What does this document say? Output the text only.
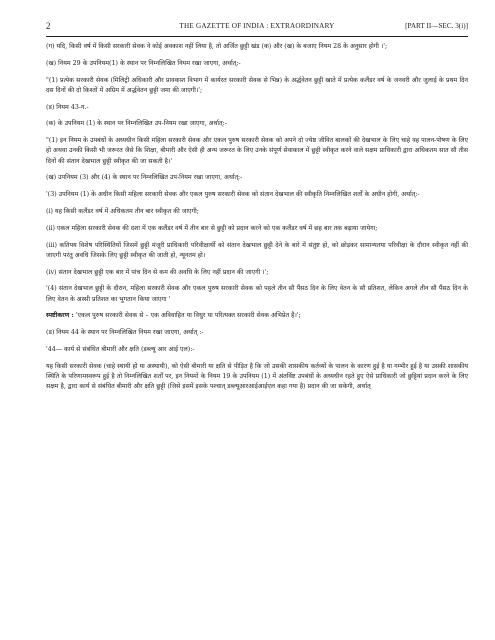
2	THE GAZETTE OF INDIA : EXTRAORDINARY	[PART II—SEC. 3(i)]

(ग) यदि, किसी वर्ष में किसी सरकारी सेवक ने कोई अवकाश नहीं लिया है, तो अर्जित छुट्टी खंड (क) और (ख) के बजाए नियम 28 के अनुसार होगी ।';

(ख) नियम 29 के उपनियम(1) के स्थान पर निम्नलिखित नियम रखा जाएगा, अर्थात्:-

"(1) प्रत्येक सरकारी सेवक (मिलिट्री अधिकारी और प्रावकाश विभाग में कार्यरत सरकारी सेवक से भिन्न) के अर्द्धवेतन छुट्टी खाते में प्रत्येक कलैंडर वर्ष के जनवरी और जुलाई के प्रथम दिन दस दिनों की दो किश्तों में अग्रिम में अर्द्धवेतन छुट्टी जमा की जाएगी।';

(ड) नियम 43-ग.-

(क) के उपनियम (1) के स्थान पर निम्नलिखित उप-नियम रखा जाएगा, अर्थात्:-

"(1) इन नियम के उपबंधों के अध्यधीन किसी महिला सरकारी सेवक और एकल पुरुष सरकारी सेवक को अपने दो ज्येष्ठ जीवित बालकों की देखभाल के लिए चाहे वह पालन-पोषण के लिए हो अथवा उनकी किसी भी जरूरत जैसे कि शिक्षा, बीमारी और ऐसी ही अन्य जरूरत के लिए उनके संपूर्ण सेवाकाल में छुट्टी स्वीकृत करने वाले सक्षम प्राधिकारी द्वारा अधिकतम सात सौ तीस दिनों की संतान देखभाल छुट्टी स्वीकृत की जा सकती है।'

(ख) उपनियम (3) और (4) के स्थान पर निम्नलिखित उप-नियम रखा जाएगा, अर्थात्:-

'(3) उपनियम (1) के अधीन किसी महिला सरकारी सेवक और एकल पुरुष सरकारी सेवक को संतान देखभाल की स्वीकृति निम्नलिखित शर्तों के अधीन होगी, अर्थात्:-

(i) यह किसी कलैंडर वर्ष में अधिकतम तीन बार स्वीकृत की जाएगी;

(ii) एकल महिला सरकारी सेवक की दशा में एक कलैंडर वर्ष में तीन बार से छुट्टी को प्रदान करने को एक कलैंडर वर्ष में छह बार तक बढ़ाया जायेगा;

(iii) कतिपय विशेष परिस्थितियों जिसमें छुट्टी मंजूरी प्राधिकारी परिवीक्षार्थी को संतान देखभाल छुट्टी देने के बारे में संतुष्ट हो, को छोड़कर सामान्यतया परिवीक्षा के दौरान स्वीकृत नहीं की जाएगी परंतु अवधि जिसके लिए छुट्टी स्वीकृत की जाती हो, न्यूनतम हो।

(iv) संतान देखभाल छुट्टी एक बार में पांच दिन से कम की अवधि के लिए नहीं प्रदान की जाएगी ।';

'(4) संतान देखभाल छुट्टी के दौरान, महिला सरकारी सेवक और एकल पुरुष सरकारी सेवक को पहले तीन सौ पैंसठ दिन के लिए वेतन के सौ प्रतिशत, लेकिन अगले तीन सौ पैंसठ दिन के लिए वेतन के अस्सी प्रतिशत का भुगतान किया जाएगा '

स्पष्टीकरण : 'एकल पुरुष सरकारी सेवक से – एक अविवाहित या विधुर या परित्यक्त सरकारी सेवक अभिप्रेत है।';

(ड) नियम 44 के स्थान पर निम्नलिखित नियम रखा जाएगा, अर्थात् :-

'44— कार्य से संबंधित बीमारी और क्षति (डब्ल्यू आर आई एल):-

यह किसी सरकारी सेवक (चाहे स्थायी हो या अस्थायी), को ऐसी बीमारी या क्षति से पीड़ित है कि जो उसकी शासकीय कर्तव्यों के पालन के कारण हुई है या गम्भीर हुई है या उसकी शासकीय स्थिति के परिणामस्वरूप हुई है तो निम्नलिखित शर्तों पर, इन नियमों के नियम 19 के उपनियम (1) में अंतर्विष्ट उपबंधों के अध्यधीन रहते हुए ऐसे प्राधिकारी जो छुट्टियां प्रदान करने के लिए सक्षम है, द्वारा कार्य से संबंधित बीमारी और क्षति छुट्टी (जिसे इसमें इसके पश्चात् डब्ल्यूआरआईआईएल कहा गया है) प्रदान की जा सकेगी, अर्थात्
